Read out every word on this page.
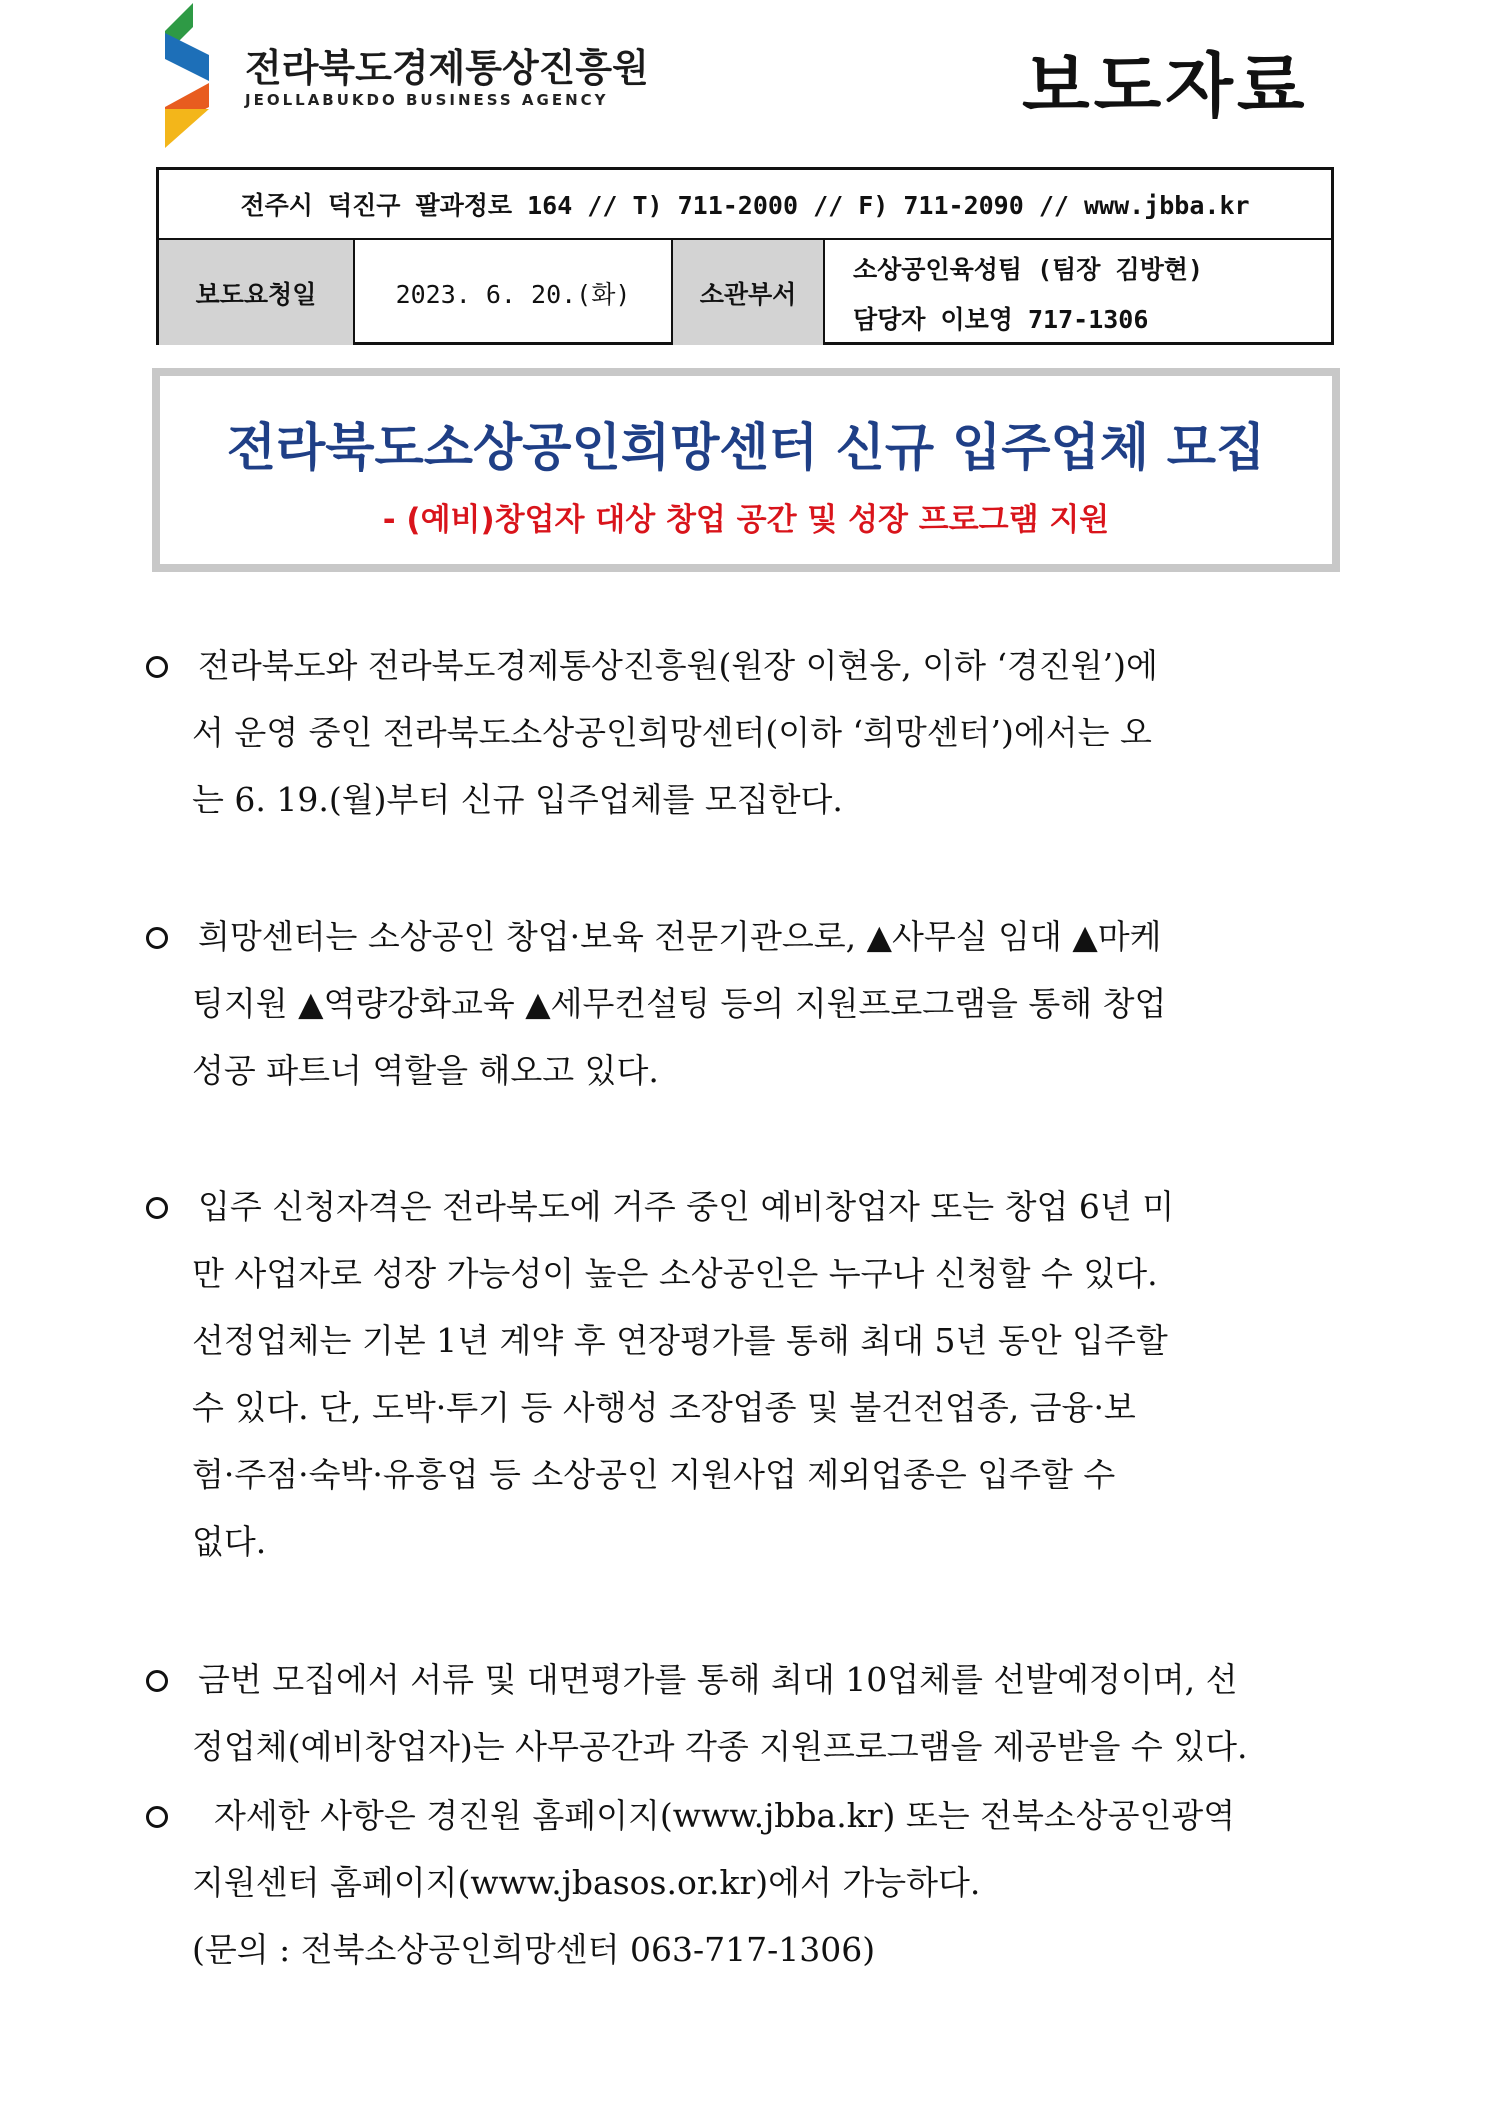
전라북도경제통상진흥원
JEOLLABUKDO BUSINESS AGENCY	보도자료
전주시 덕진구 팔과정로 164 // T) 711-2000 // F) 711-2090 // www.jbba.kr
보도요청일	2023. 6. 20.(화)	소관부서
소상공인육성팀 (팀장 김방현)
담당자 이보영 717-1306
전라북도소상공인희망센터 신규 입주업체 모집
- (예비)창업자 대상 창업 공간 및 성장 프로그램 지원
전라북도와 전라북도경제통상진흥원(원장 이현웅, 이하 ‘경진원’)에
서 운영 중인 전라북도소상공인희망센터(이하 ‘희망센터’)에서는 오
는 6. 19.(월)부터 신규 입주업체를 모집한다.
희망센터는 소상공인 창업·보육 전문기관으로, ▲사무실 임대 ▲마케
팅지원 ▲역량강화교육 ▲세무컨설팅 등의 지원프로그램을 통해 창업
성공 파트너 역할을 해오고 있다.
입주 신청자격은 전라북도에 거주 중인 예비창업자 또는 창업 6년 미
만 사업자로 성장 가능성이 높은 소상공인은 누구나 신청할 수 있다.
선정업체는 기본 1년 계약 후 연장평가를 통해 최대 5년 동안 입주할
수 있다. 단, 도박·투기 등 사행성 조장업종 및 불건전업종, 금융·보
험·주점·숙박·유흥업 등 소상공인 지원사업 제외업종은 입주할 수
없다.
금번 모집에서 서류 및 대면평가를 통해 최대 10업체를 선발예정이며, 선
정업체(예비창업자)는 사무공간과 각종 지원프로그램을 제공받을 수 있다.
자세한 사항은 경진원 홈페이지(www.jbba.kr) 또는 전북소상공인광역
지원센터 홈페이지(www.jbasos.or.kr)에서 가능하다.
(문의 : 전북소상공인희망센터 063-717-1306)
